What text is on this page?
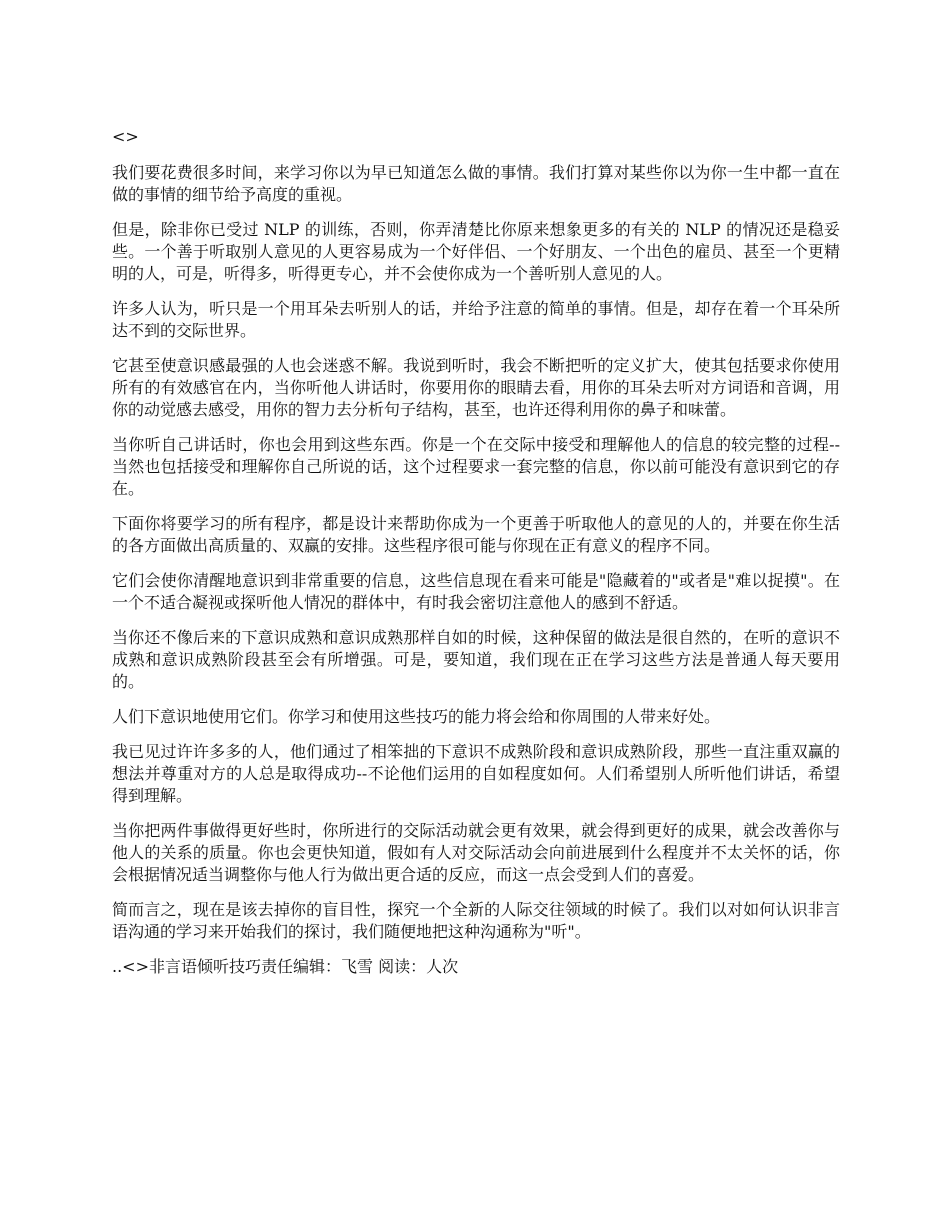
<>

我们要花费很多时间，来学习你以为早已知道怎么做的事情。我们打算对某些你以为你一生中都一直在做的事情的细节给予高度的重视。

但是，除非你已受过 NLP 的训练，否则，你弄清楚比你原来想象更多的有关的 NLP 的情况还是稳妥些。一个善于听取别人意见的人更容易成为一个好伴侣、一个好朋友、一个出色的雇员、甚至一个更精明的人，可是，听得多，听得更专心，并不会使你成为一个善听别人意见的人。

许多人认为，听只是一个用耳朵去听别人的话，并给予注意的简单的事情。但是，却存在着一个耳朵所达不到的交际世界。

它甚至使意识感最强的人也会迷惑不解。我说到听时，我会不断把听的定义扩大，使其包括要求你使用所有的有效感官在内，当你听他人讲话时，你要用你的眼睛去看，用你的耳朵去听对方词语和音调，用你的动觉感去感受，用你的智力去分析句子结构，甚至，也许还得利用你的鼻子和味蕾。

当你听自己讲话时，你也会用到这些东西。你是一个在交际中接受和理解他人的信息的较完整的过程--当然也包括接受和理解你自己所说的话，这个过程要求一套完整的信息，你以前可能没有意识到它的存在。

下面你将要学习的所有程序，都是设计来帮助你成为一个更善于听取他人的意见的人的，并要在你生活的各方面做出高质量的、双赢的安排。这些程序很可能与你现在正有意义的程序不同。

它们会使你清醒地意识到非常重要的信息，这些信息现在看来可能是"隐藏着的"或者是"难以捉摸"。在一个不适合凝视或探听他人情况的群体中，有时我会密切注意他人的感到不舒适。

当你还不像后来的下意识成熟和意识成熟那样自如的时候，这种保留的做法是很自然的，在听的意识不成熟和意识成熟阶段甚至会有所增强。可是，要知道，我们现在正在学习这些方法是普通人每天要用的。

人们下意识地使用它们。你学习和使用这些技巧的能力将会给和你周围的人带来好处。

我已见过许许多多的人，他们通过了相笨拙的下意识不成熟阶段和意识成熟阶段，那些一直注重双赢的想法并尊重对方的人总是取得成功--不论他们运用的自如程度如何。人们希望别人所听他们讲话，希望得到理解。

当你把两件事做得更好些时，你所进行的交际活动就会更有效果，就会得到更好的成果，就会改善你与他人的关系的质量。你也会更快知道，假如有人对交际活动会向前进展到什么程度并不太关怀的话，你会根据情况适当调整你与他人行为做出更合适的反应，而这一点会受到人们的喜爱。

简而言之，现在是该去掉你的盲目性，探究一个全新的人际交往领域的时候了。我们以对如何认识非言语沟通的学习来开始我们的探讨，我们随便地把这种沟通称为"听"。

..<>非言语倾听技巧责任编辑：飞雪 阅读：人次
